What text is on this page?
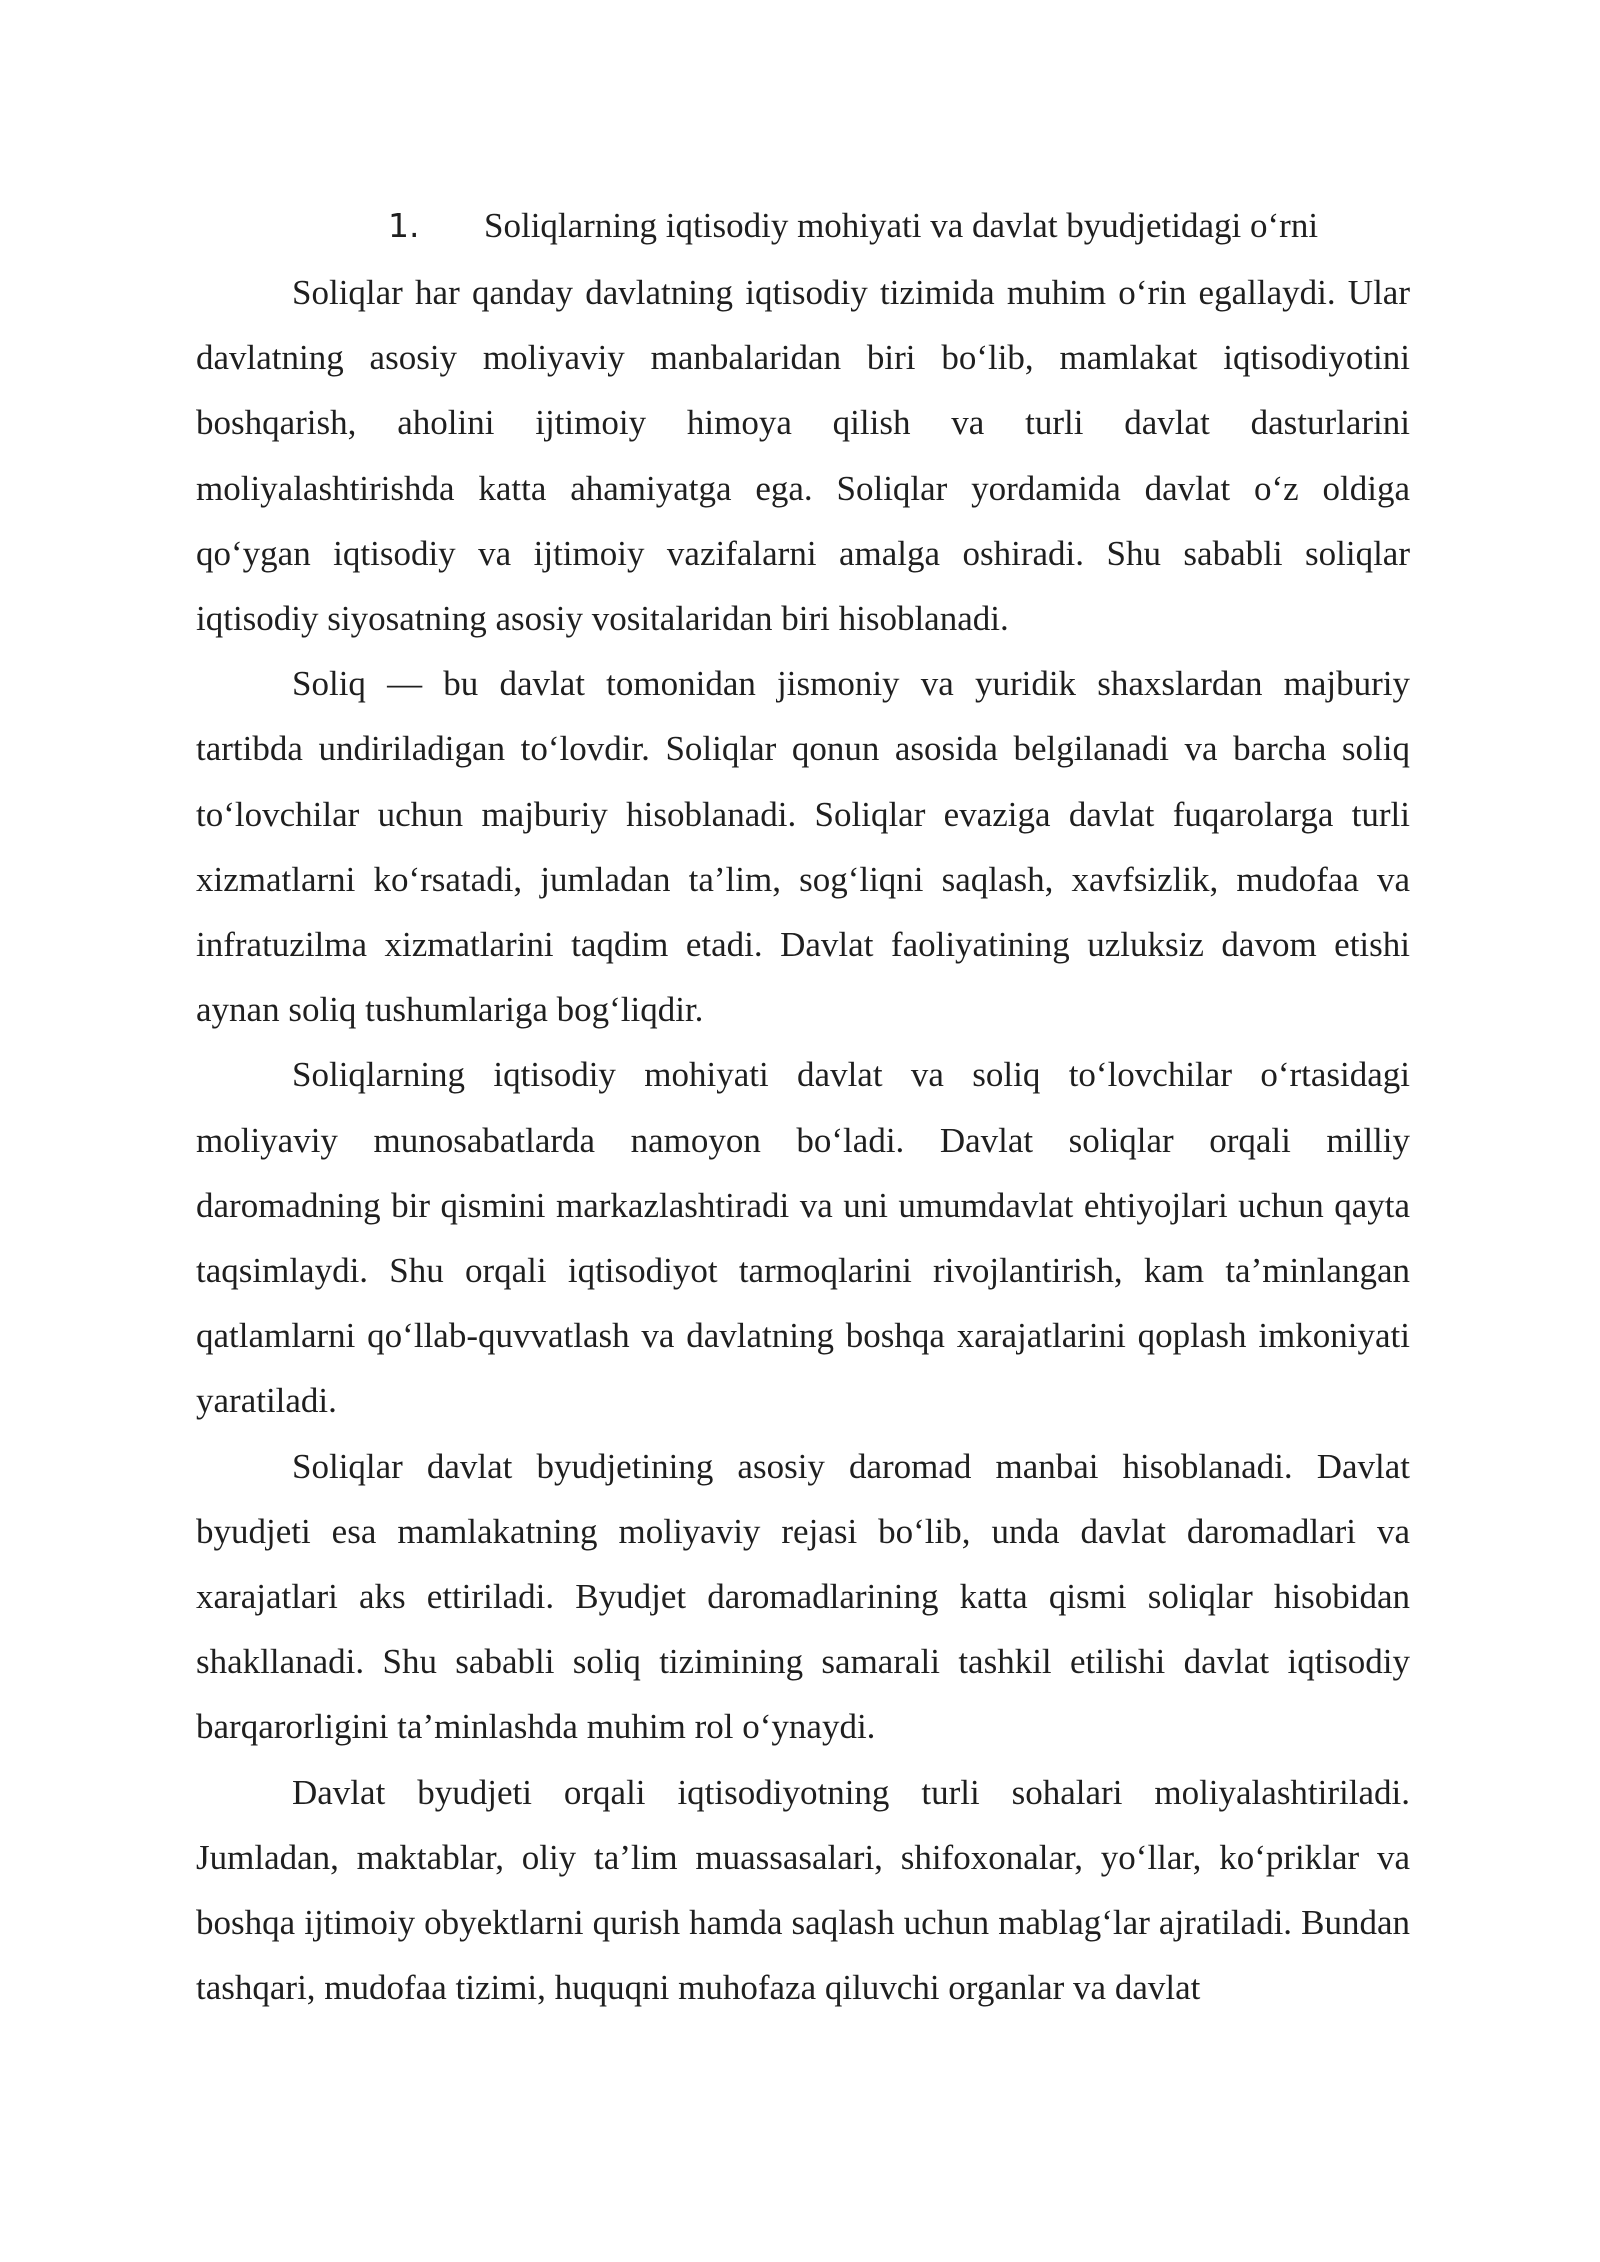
1. Soliqlarning iqtisodiy mohiyati va davlat byudjetidagi o‘rni

Soliqlar har qanday davlatning iqtisodiy tizimida muhim o‘rin egallaydi. Ular davlatning asosiy moliyaviy manbalaridan biri bo‘lib, mamlakat iqtisodiyotini boshqarish, aholini ijtimoiy himoya qilish va turli davlat dasturlarini moliyalashtirishda katta ahamiyatga ega. Soliqlar yordamida davlat o‘z oldiga qo‘ygan iqtisodiy va ijtimoiy vazifalarni amalga oshiradi. Shu sababli soliqlar iqtisodiy siyosatning asosiy vositalaridan biri hisoblanadi.

Soliq — bu davlat tomonidan jismoniy va yuridik shaxslardan majburiy tartibda undiriladigan to‘lovdir. Soliqlar qonun asosida belgilanadi va barcha soliq to‘lovchilar uchun majburiy hisoblanadi. Soliqlar evaziga davlat fuqarolarga turli xizmatlarni ko‘rsatadi, jumladan ta’lim, sog‘liqni saqlash, xavfsizlik, mudofaa va infratuzilma xizmatlarini taqdim etadi. Davlat faoliyatining uzluksiz davom etishi aynan soliq tushumlariga bog‘liqdir.

Soliqlarning iqtisodiy mohiyati davlat va soliq to‘lovchilar o‘rtasidagi moliyaviy munosabatlarda namoyon bo‘ladi. Davlat soliqlar orqali milliy daromadning bir qismini markazlashtiradi va uni umumdavlat ehtiyojlari uchun qayta taqsimlaydi. Shu orqali iqtisodiyot tarmoqlarini rivojlantirish, kam ta’minlangan qatlamlarni qo‘llab-quvvatlash va davlatning boshqa xarajatlarini qoplash imkoniyati yaratiladi.

Soliqlar davlat byudjetining asosiy daromad manbai hisoblanadi. Davlat byudjeti esa mamlakatning moliyaviy rejasi bo‘lib, unda davlat daromadlari va xarajatlari aks ettiriladi. Byudjet daromadlarining katta qismi soliqlar hisobidan shakllanadi. Shu sababli soliq tizimining samarali tashkil etilishi davlat iqtisodiy barqarorligini ta’minlashda muhim rol o‘ynaydi.

Davlat byudjeti orqali iqtisodiyotning turli sohalari moliyalashtiriladi. Jumladan, maktablar, oliy ta’lim muassasalari, shifoxonalar, yo‘llar, ko‘priklar va boshqa ijtimoiy obyektlarni qurish hamda saqlash uchun mablag‘lar ajratiladi. Bundan tashqari, mudofaa tizimi, huquqni muhofaza qiluvchi organlar va davlat
